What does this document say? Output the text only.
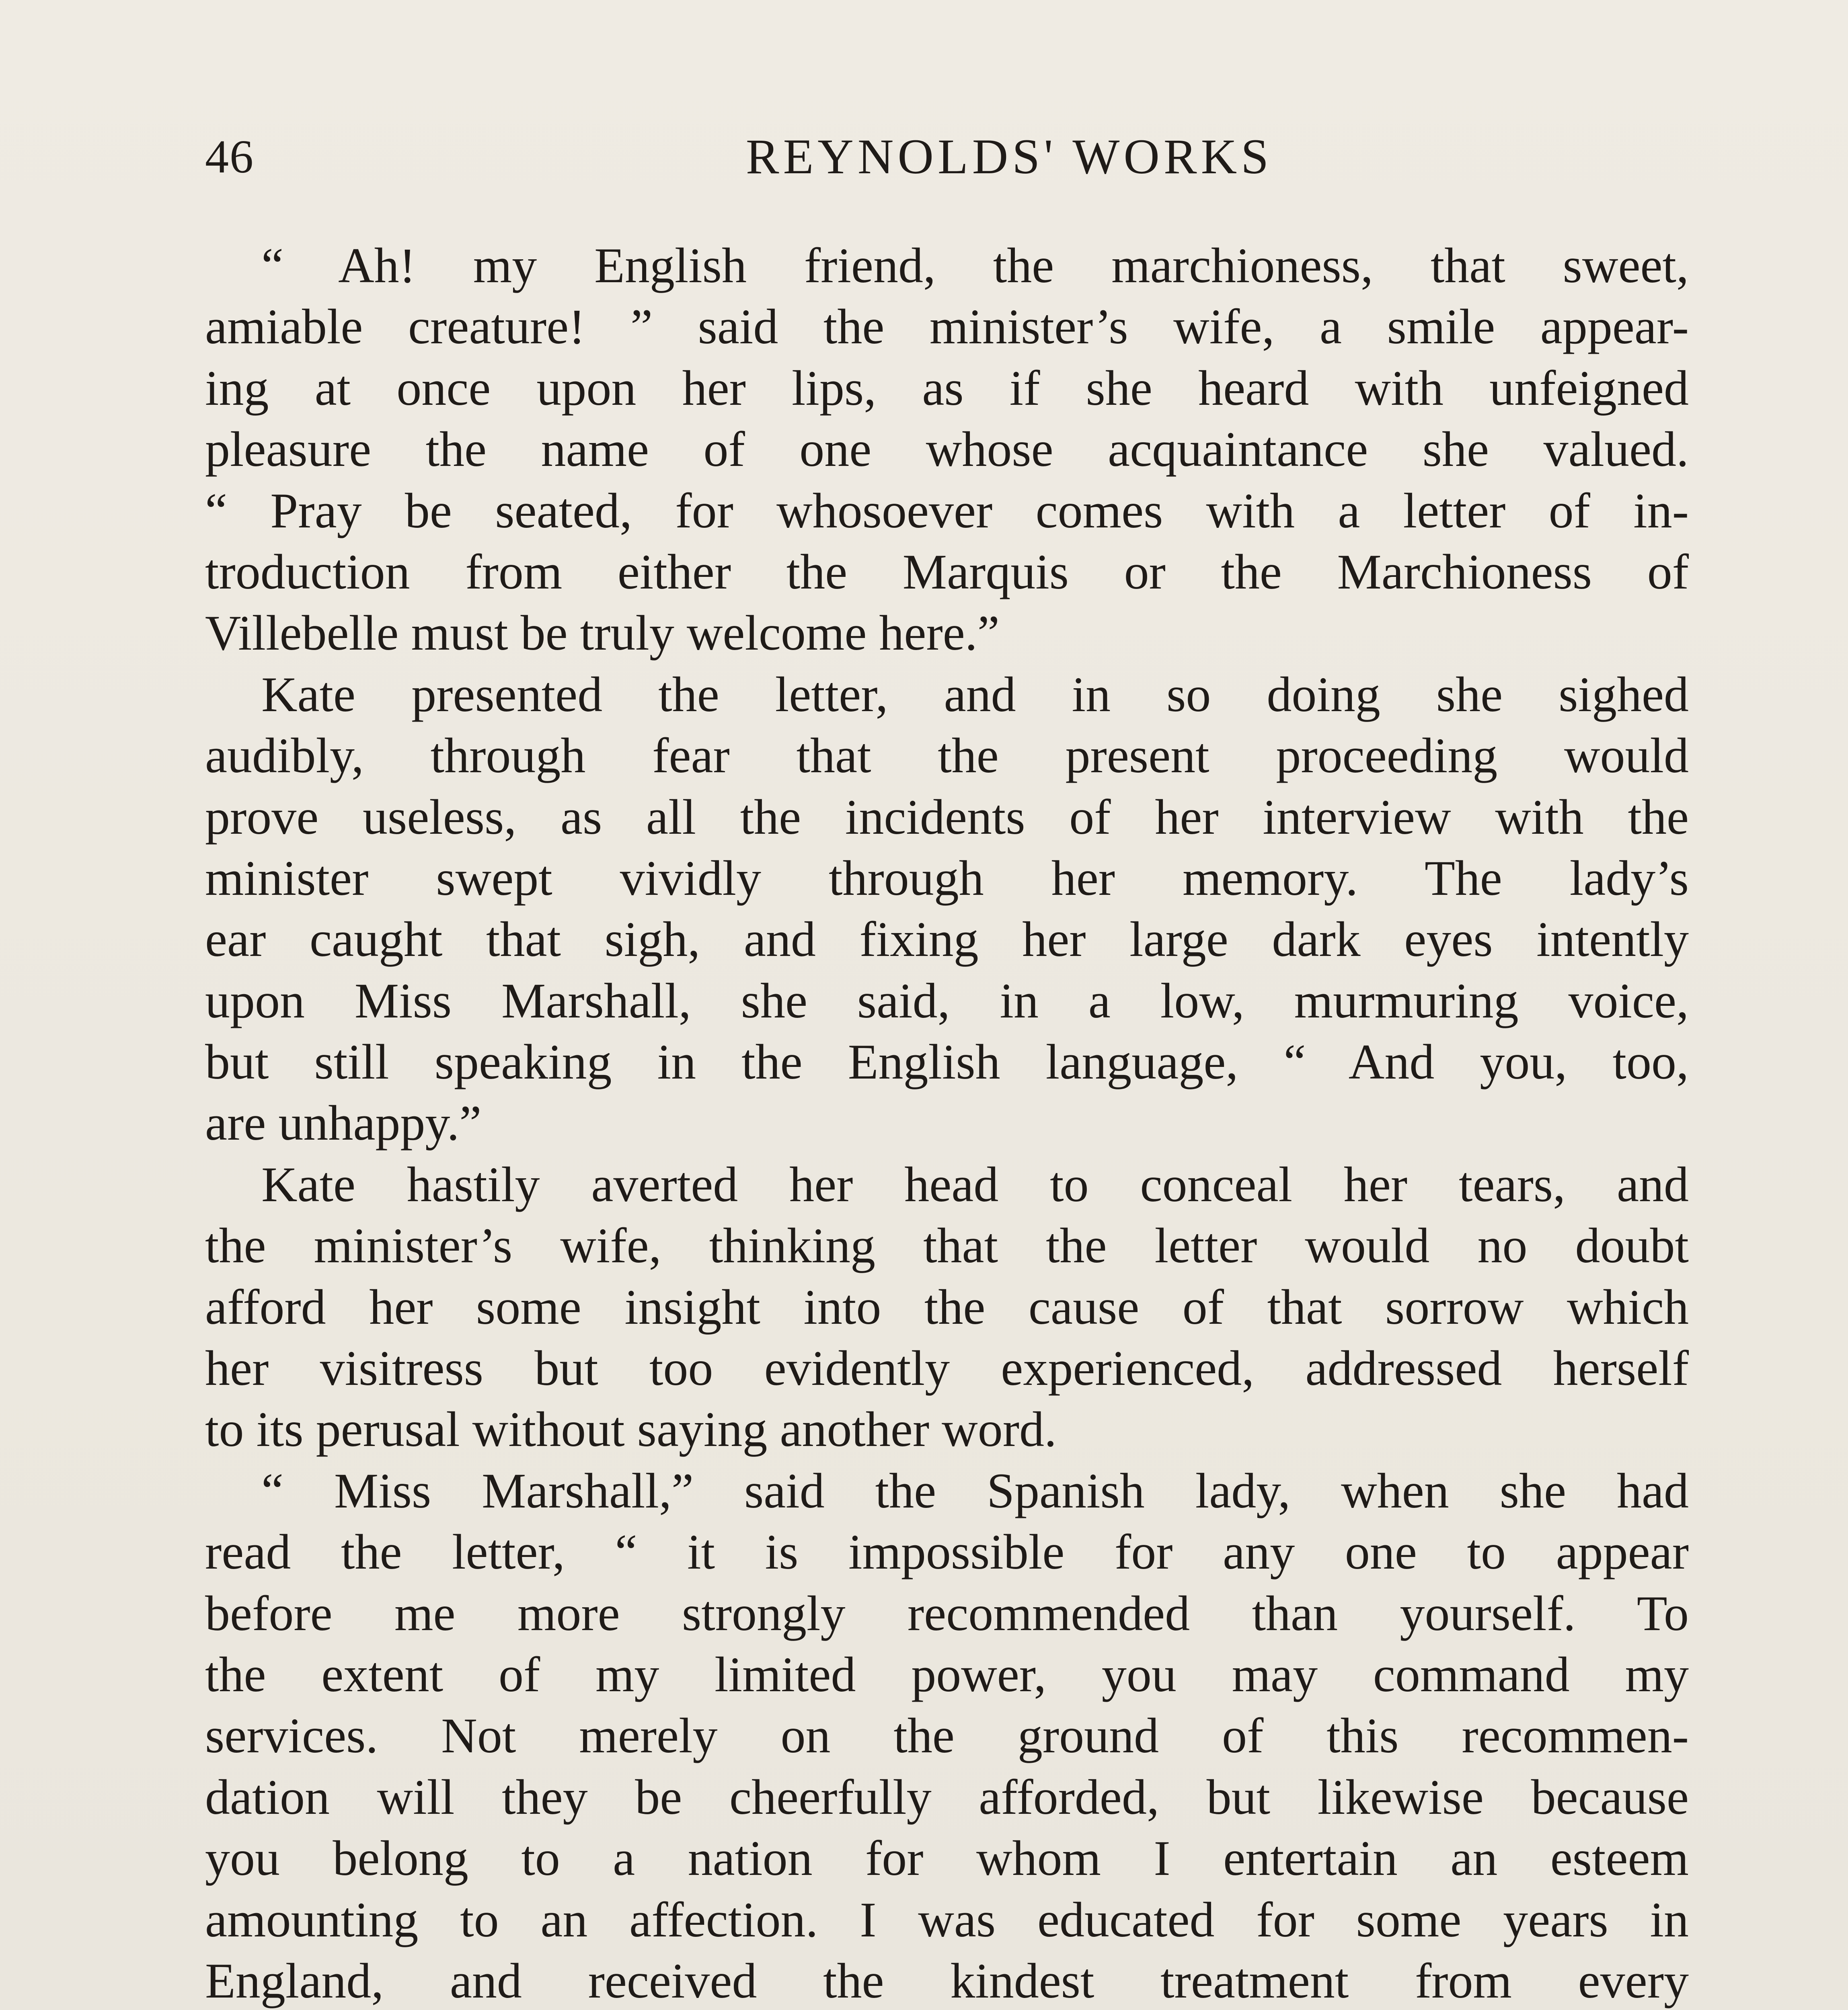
46	REYNOLDS' WORKS
“ Ah! my English friend, the marchioness, that sweet,
amiable creature! ” said the minister’s wife, a smile appear-
ing at once upon her lips, as if she heard with unfeigned
pleasure the name of one whose acquaintance she valued.
“ Pray be seated, for whosoever comes with a letter of in-
troduction from either the Marquis or the Marchioness of
Villebelle must be truly welcome here.”
Kate presented the letter, and in so doing she sighed
audibly, through fear that the present proceeding would
prove useless, as all the incidents of her interview with the
minister swept vividly through her memory. The lady’s
ear caught that sigh, and fixing her large dark eyes intently
upon Miss Marshall, she said, in a low, murmuring voice,
but still speaking in the English language, “ And you, too,
are unhappy.”
Kate hastily averted her head to conceal her tears, and
the minister’s wife, thinking that the letter would no doubt
afford her some insight into the cause of that sorrow which
her visitress but too evidently experienced, addressed herself
to its perusal without saying another word.
“ Miss Marshall,” said the Spanish lady, when she had
read the letter, “ it is impossible for any one to appear
before me more strongly recommended than yourself. To
the extent of my limited power, you may command my
services. Not merely on the ground of this recommen-
dation will they be cheerfully afforded, but likewise because
you belong to a nation for whom I entertain an esteem
amounting to an affection. I was educated for some years in
England, and received the kindest treatment from every
